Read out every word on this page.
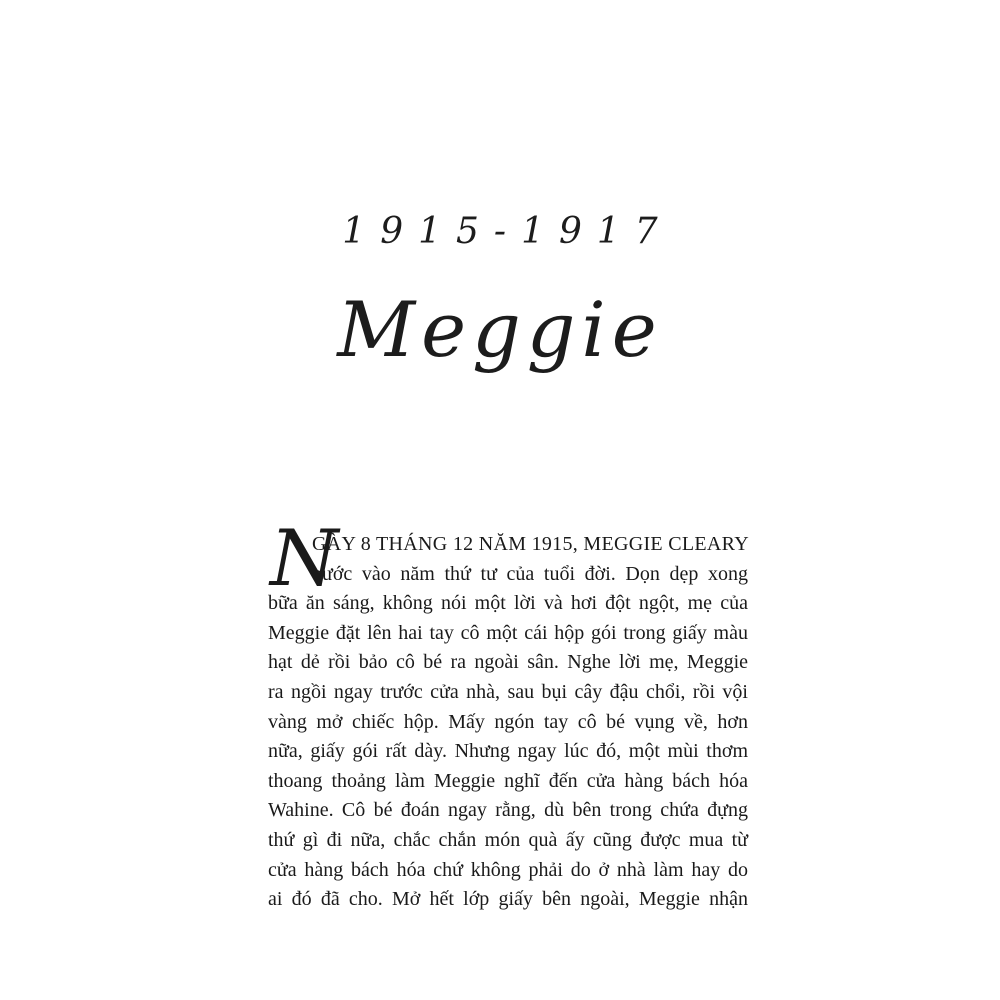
1915-1917
Meggie
N
GÀY 8 THÁNG 12 NĂM 1915, MEGGIE CLEARY
bước vào năm thứ tư của tuổi đời. Dọn dẹp xong
bữa ăn sáng, không nói một lời và hơi đột ngột, mẹ của
Meggie đặt lên hai tay cô một cái hộp gói trong giấy màu
hạt dẻ rồi bảo cô bé ra ngoài sân. Nghe lời mẹ, Meggie
ra ngồi ngay trước cửa nhà, sau bụi cây đậu chổi, rồi vội
vàng mở chiếc hộp. Mấy ngón tay cô bé vụng về, hơn
nữa, giấy gói rất dày. Nhưng ngay lúc đó, một mùi thơm
thoang thoảng làm Meggie nghĩ đến cửa hàng bách hóa
Wahine. Cô bé đoán ngay rằng, dù bên trong chứa đựng
thứ gì đi nữa, chắc chắn món quà ấy cũng được mua từ
cửa hàng bách hóa chứ không phải do ở nhà làm hay do
ai đó đã cho. Mở hết lớp giấy bên ngoài, Meggie nhận
